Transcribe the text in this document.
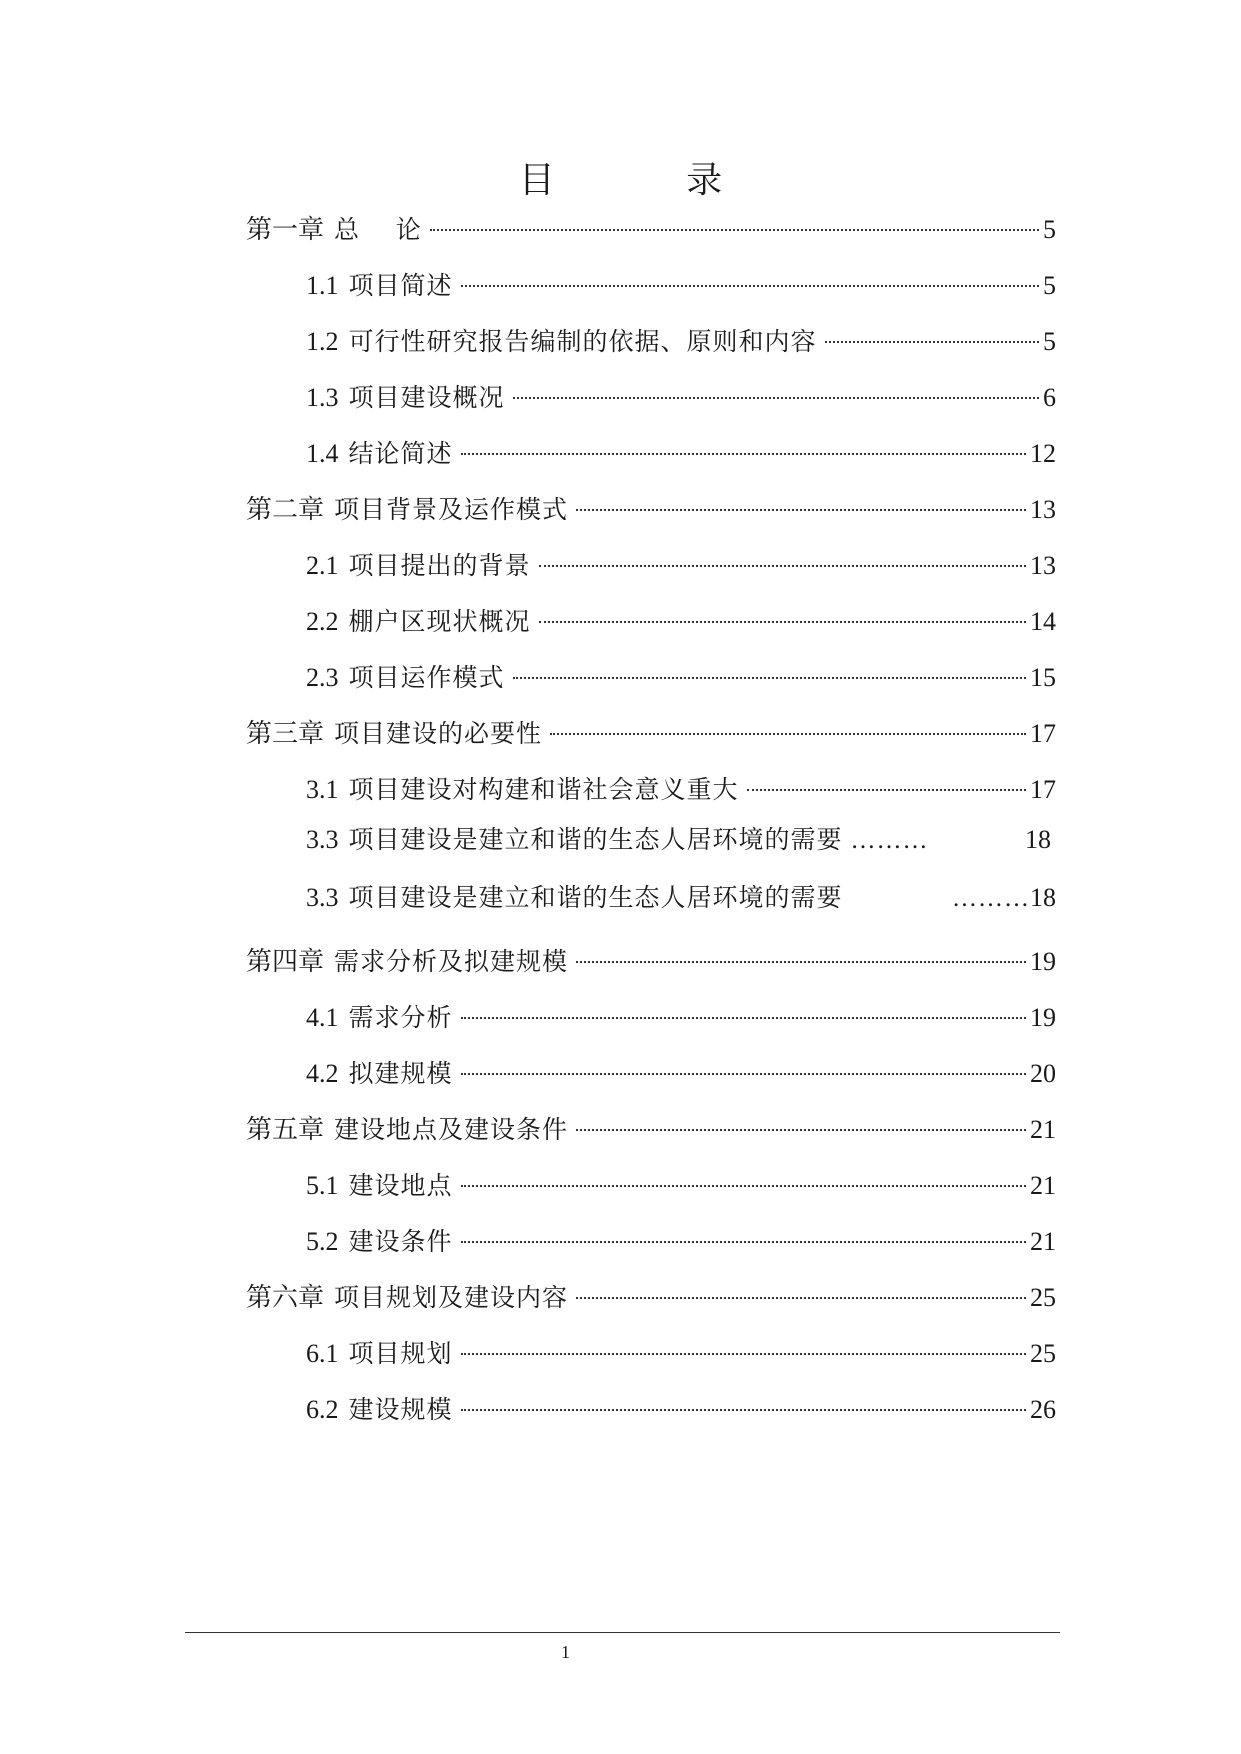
目 录
第一章 总    论	5
1.1 项目简述	5
1.2 可行性研究报告编制的依据、原则和内容	5
1.3 项目建设概况	6
1.4 结论简述	12
第二章 项目背景及运作模式	13
2.1 项目提出的背景	13
2.2 棚户区现状概况	14
2.3 项目运作模式	15
第三章 项目建设的必要性	17
3.1 项目建设对构建和谐社会意义重大	17
3.3 项目建设是建立和谐的生态人居环境的需要 ………	18
3.3 项目建设是建立和谐的生态人居环境的需要	……… 18
第四章 需求分析及拟建规模	19
4.1 需求分析	19
4.2 拟建规模	20
第五章 建设地点及建设条件	21
5.1 建设地点	21
5.2 建设条件	21
第六章 项目规划及建设内容	25
6.1 项目规划	25
6.2 建设规模	26
1
